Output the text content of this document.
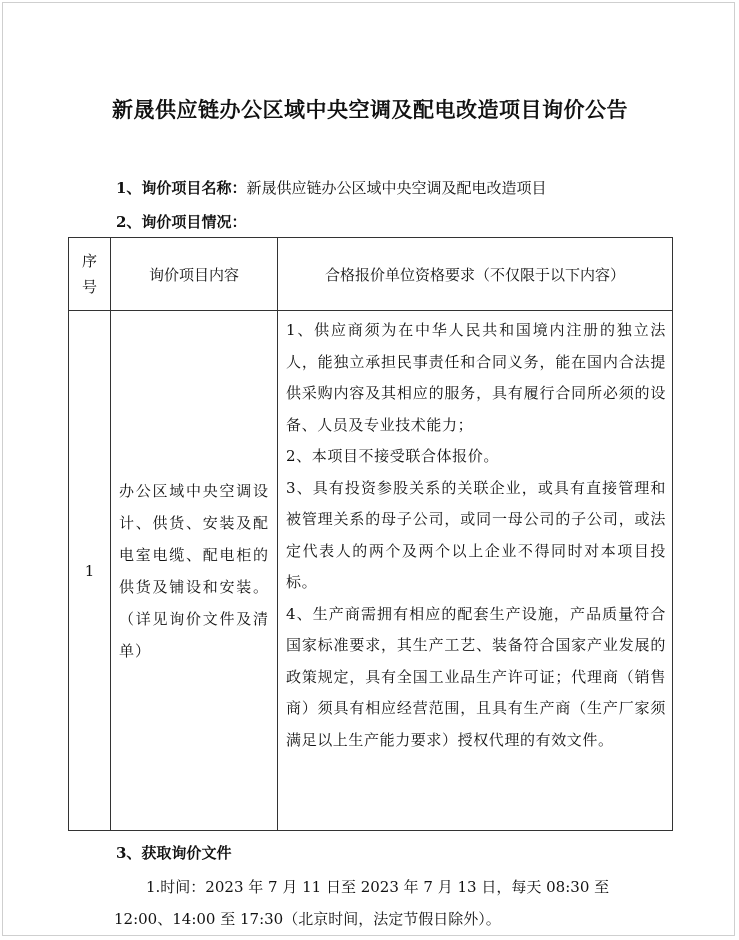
新晟供应链办公区域中央空调及配电改造项目询价公告
1、询价项目名称：新晟供应链办公区域中央空调及配电改造项目
2、询价项目情况：
序号	询价项目内容	合格报价单位资格要求（不仅限于以下内容）
1	办公区域中央空调设计、供货、安装及配电室电缆、配电柜的供货及铺设和安装。（详见询价文件及清单）	1、供应商须为在中华人民共和国境内注册的独立法人，能独立承担民事责任和合同义务，能在国内合法提供采购内容及其相应的服务，具有履行合同所必须的设备、人员及专业技术能力；
2、本项目不接受联合体报价。
3、具有投资参股关系的关联企业，或具有直接管理和被管理关系的母子公司，或同一母公司的子公司，或法定代表人的两个及两个以上企业不得同时对本项目投标。
4、生产商需拥有相应的配套生产设施，产品质量符合国家标准要求，其生产工艺、装备符合国家产业发展的政策规定，具有全国工业品生产许可证；代理商（销售商）须具有相应经营范围，且具有生产商（生产厂家须满足以上生产能力要求）授权代理的有效文件。
3、获取询价文件
1.时间：2023 年 7 月 11 日至 2023 年 7 月 13 日，每天 08:30 至
12:00、14:00 至 17:30（北京时间，法定节假日除外）。
